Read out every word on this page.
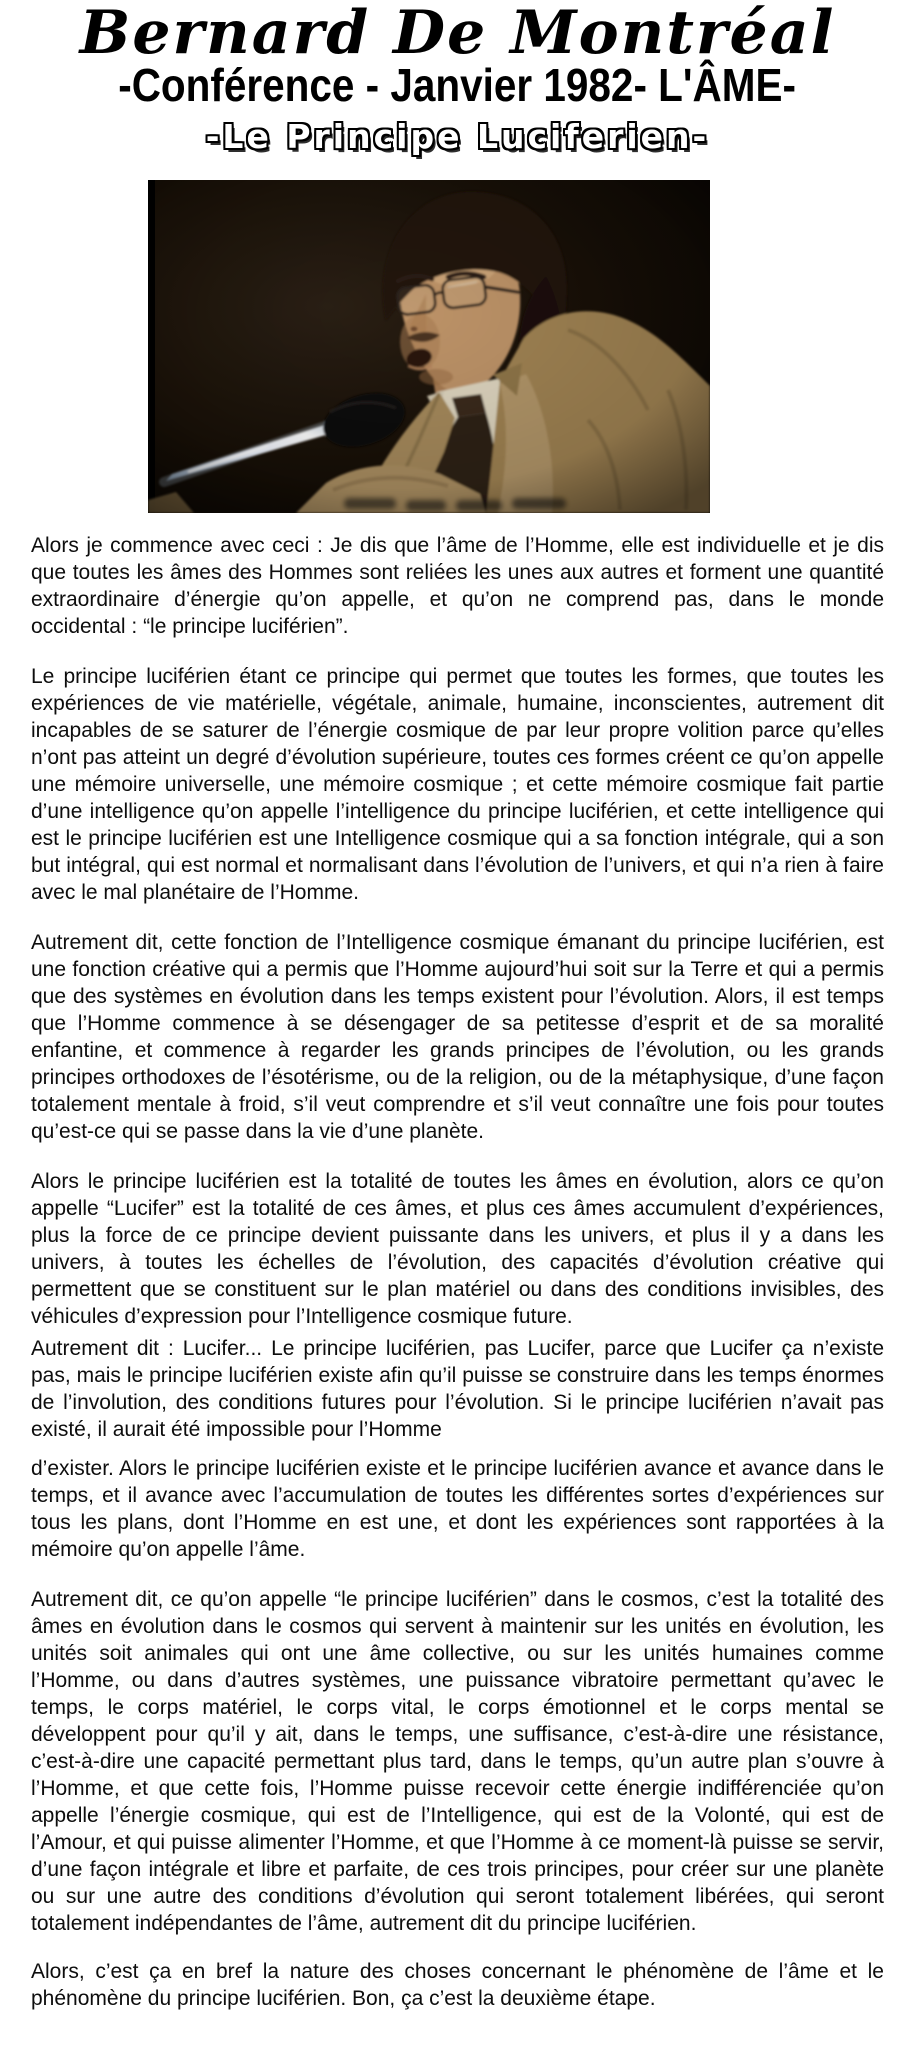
Bernard De Montréal
-Conférence - Janvier 1982- L'ÂME-
-Le Principe Luciferien-

Alors je commence avec ceci : Je dis que l’âme de l’Homme, elle est individuelle et je dis que toutes les âmes des Hommes sont reliées les unes aux autres et forment une quantité extraordinaire d’énergie qu’on appelle, et qu’on ne comprend pas, dans le monde occidental : “le principe luciférien”.

Le principe luciférien étant ce principe qui permet que toutes les formes, que toutes les expériences de vie matérielle, végétale, animale, humaine, inconscientes, autrement dit incapables de se saturer de l’énergie cosmique de par leur propre volition parce qu’elles n’ont pas atteint un degré d’évolution supérieure, toutes ces formes créent ce qu’on appelle une mémoire universelle, une mémoire cosmique ; et cette mémoire cosmique fait partie d’une intelligence qu’on appelle l’intelligence du principe luciférien, et cette intelligence qui est le principe luciférien est une Intelligence cosmique qui a sa fonction intégrale, qui a son but intégral, qui est normal et normalisant dans l’évolution de l’univers, et qui n’a rien à faire avec le mal planétaire de l’Homme.

Autrement dit, cette fonction de l’Intelligence cosmique émanant du principe luciférien, est une fonction créative qui a permis que l’Homme aujourd’hui soit sur la Terre et qui a permis que des systèmes en évolution dans les temps existent pour l’évolution. Alors, il est temps que l’Homme commence à se désengager de sa petitesse d’esprit et de sa moralité enfantine, et commence à regarder les grands principes de l’évolution, ou les grands principes orthodoxes de l’ésotérisme, ou de la religion, ou de la métaphysique, d’une façon totalement mentale à froid, s’il veut comprendre et s’il veut connaître une fois pour toutes qu’est-ce qui se passe dans la vie d’une planète.

Alors le principe luciférien est la totalité de toutes les âmes en évolution, alors ce qu’on appelle “Lucifer” est la totalité de ces âmes, et plus ces âmes accumulent d’expériences, plus la force de ce principe devient puissante dans les univers, et plus il y a dans les univers, à toutes les échelles de l’évolution, des capacités d’évolution créative qui permettent que se constituent sur le plan matériel ou dans des conditions invisibles, des véhicules d’expression pour l’Intelligence cosmique future.

Autrement dit : Lucifer... Le principe luciférien, pas Lucifer, parce que Lucifer ça n’existe pas, mais le principe luciférien existe afin qu’il puisse se construire dans les temps énormes de l’involution, des conditions futures pour l’évolution. Si le principe luciférien n’avait pas existé, il aurait été impossible pour l’Homme

d’exister. Alors le principe luciférien existe et le principe luciférien avance et avance dans le temps, et il avance avec l’accumulation de toutes les différentes sortes d’expériences sur tous les plans, dont l’Homme en est une, et dont les expériences sont rapportées à la mémoire qu’on appelle l’âme.

Autrement dit, ce qu’on appelle “le principe luciférien” dans le cosmos, c’est la totalité des âmes en évolution dans le cosmos qui servent à maintenir sur les unités en évolution, les unités soit animales qui ont une âme collective, ou sur les unités humaines comme l’Homme, ou dans d’autres systèmes, une puissance vibratoire permettant qu’avec le temps, le corps matériel, le corps vital, le corps émotionnel et le corps mental se développent pour qu’il y ait, dans le temps, une suffisance, c’est-à-dire une résistance, c’est-à-dire une capacité permettant plus tard, dans le temps, qu’un autre plan s’ouvre à l’Homme, et que cette fois, l’Homme puisse recevoir cette énergie indifférenciée qu’on appelle l’énergie cosmique, qui est de l’Intelligence, qui est de la Volonté, qui est de l’Amour, et qui puisse alimenter l’Homme, et que l’Homme à ce moment-là puisse se servir, d’une façon intégrale et libre et parfaite, de ces trois principes, pour créer sur une planète ou sur une autre des conditions d’évolution qui seront totalement libérées, qui seront totalement indépendantes de l’âme, autrement dit du principe luciférien.

Alors, c’est ça en bref la nature des choses concernant le phénomène de l’âme et le phénomène du principe luciférien. Bon, ça c’est la deuxième étape.
